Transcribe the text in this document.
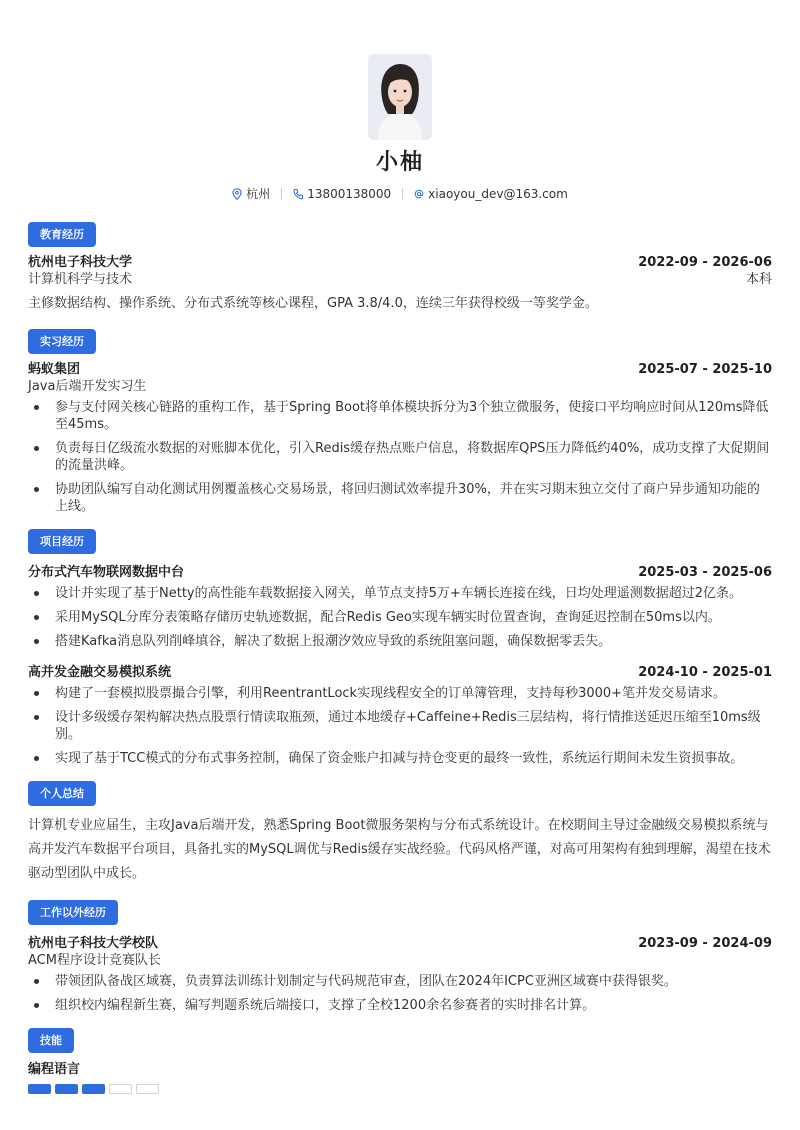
小柚
杭州	13800138000	xiaoyou_dev@163.com
教育经历
杭州电子科技大学	2022-09 - 2026-06
计算机科学与技术	本科
主修数据结构、操作系统、分布式系统等核心课程，GPA 3.8/4.0，连续三年获得校级一等奖学金。
实习经历
蚂蚁集团	2025-07 - 2025-10
Java后端开发实习生
参与支付网关核心链路的重构工作，基于Spring Boot将单体模块拆分为3个独立微服务，使接口平均响应时间从120ms降低至45ms。
负责每日亿级流水数据的对账脚本优化，引入Redis缓存热点账户信息，将数据库QPS压力降低约40%，成功支撑了大促期间的流量洪峰。
协助团队编写自动化测试用例覆盖核心交易场景，将回归测试效率提升30%，并在实习期末独立交付了商户异步通知功能的上线。
项目经历
分布式汽车物联网数据中台	2025-03 - 2025-06
设计并实现了基于Netty的高性能车载数据接入网关，单节点支持5万+车辆长连接在线，日均处理遥测数据超过2亿条。
采用MySQL分库分表策略存储历史轨迹数据，配合Redis Geo实现车辆实时位置查询，查询延迟控制在50ms以内。
搭建Kafka消息队列削峰填谷，解决了数据上报潮汐效应导致的系统阻塞问题，确保数据零丢失。
高并发金融交易模拟系统	2024-10 - 2025-01
构建了一套模拟股票撮合引擎，利用ReentrantLock实现线程安全的订单簿管理，支持每秒3000+笔并发交易请求。
设计多级缓存架构解决热点股票行情读取瓶颈，通过本地缓存+Caffeine+Redis三层结构，将行情推送延迟压缩至10ms级别。
实现了基于TCC模式的分布式事务控制，确保了资金账户扣减与持仓变更的最终一致性，系统运行期间未发生资损事故。
个人总结
计算机专业应届生，主攻Java后端开发，熟悉Spring Boot微服务架构与分布式系统设计。在校期间主导过金融级交易模拟系统与高并发汽车数据平台项目，具备扎实的MySQL调优与Redis缓存实战经验。代码风格严谨，对高可用架构有独到理解，渴望在技术驱动型团队中成长。
工作以外经历
杭州电子科技大学校队	2023-09 - 2024-09
ACM程序设计竞赛队长
带领团队备战区域赛，负责算法训练计划制定与代码规范审查，团队在2024年ICPC亚洲区域赛中获得银奖。
组织校内编程新生赛，编写判题系统后端接口，支撑了全校1200余名参赛者的实时排名计算。
技能
编程语言
